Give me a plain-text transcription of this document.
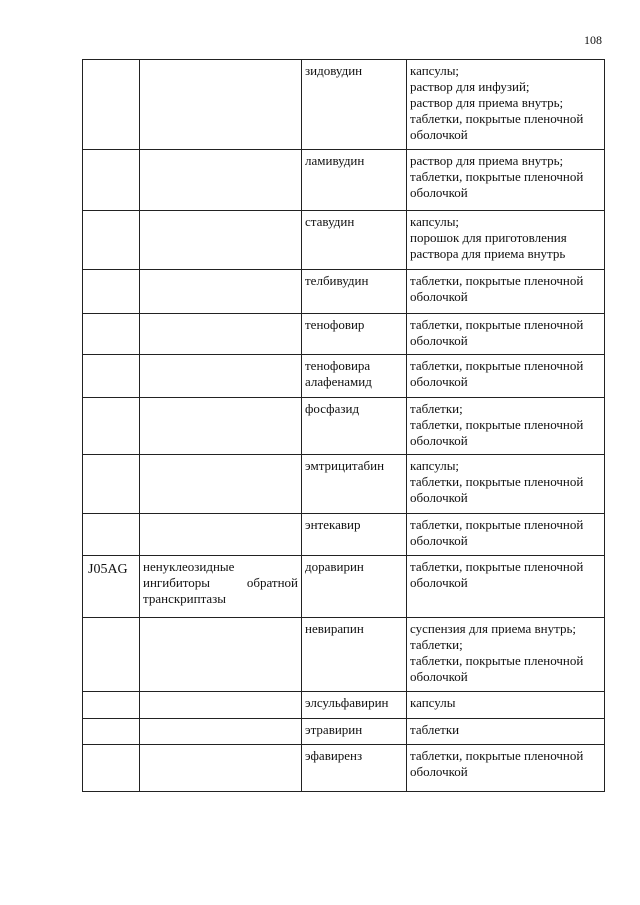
108
		зидовудин	капсулы;
раствор для инфузий;
раствор для приема внутрь;
таблетки, покрытые пленочной оболочкой

		ламивудин	раствор для приема внутрь;
таблетки, покрытые пленочной оболочкой

		ставудин	капсулы;
порошок для приготовления раствора для приема внутрь

		телбивудин	таблетки, покрытые пленочной оболочкой

		тенофовир	таблетки, покрытые пленочной оболочкой

		тенофовира алафенамид	таблетки, покрытые пленочной оболочкой

		фосфазид	таблетки;
таблетки, покрытые пленочной оболочкой

		эмтрицитабин	капсулы;
таблетки, покрытые пленочной оболочкой

		энтекавир	таблетки, покрытые пленочной оболочкой

J05AG	ненуклеозидные ингибиторы обратной транскриптазы	доравирин	таблетки, покрытые пленочной оболочкой

		невирапин	суспензия для приема внутрь;
таблетки;
таблетки, покрытые пленочной оболочкой

		элсульфавирин	капсулы

		этравирин	таблетки

		эфавиренз	таблетки, покрытые пленочной оболочкой
